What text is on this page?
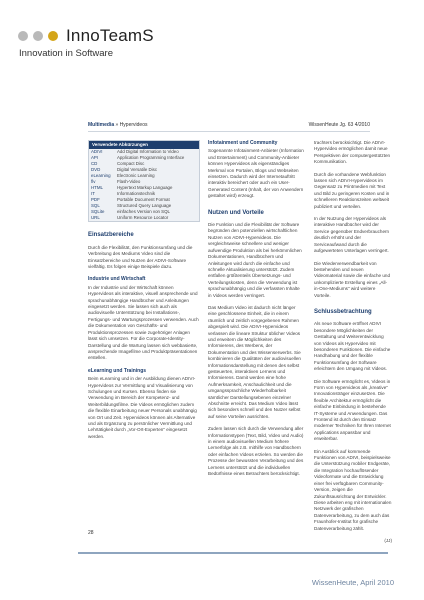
InnoTeamS
Innovation in Software
Multimedia » Hypervideos	WissenHeute Jg. 63 4/2010
Verwendete Abkürzungen
ADIVI	Add Digital Information to Video
API	Application Programming Interface
CD	Compact Disc
DVD	Digital Versatile Disc
eLearning	Electronic Learning
flv	Flash-Video
HTML	Hypertext Markup Language
IT	Informationstechnik
PDF	Portable Document Format
SQL	Structured Query Language
SQLite	einfaches Version von SQL
URL	Uniform Resource Locator
Einsatzbereiche

Durch die Flexibilität, den Funktionsumfang und die Verbreitung des Mediums Video sind die Einsatzbereiche und Nutzen der ADIVI-Software vielfältig. Es folgen einige Beispiele dazu.

Industrie und Wirtschaft

In der Industrie und der Wirtschaft können Hypervideos als interaktive, visuell ansprechende und sprachunabhängige Handbücher und Anleitungen eingesetzt werden. Sie lassen sich auch als audiovisuelle Unterstützung bei Installations-, Fertigungs- und Wartungsprozessen verwenden. Auch die Dokumentation von Geschäfts- und Produktionsprozessen sowie zugehöriger Anlagen lässt sich umsetzen. Für die Corporate-Identity-Darstellung und die Wartung lassen sich webbasierte, ansprechende Imagefilme und Produktpräsentationen erstellen.

eLearning und Trainings

Beim eLearning und in der Ausbildung dienen ADIVI-Hypervideos zur Vermittlung und Visualisierung von Schulungen und Kursen. Ebenso finden sie Verwendung im Bereich der Kompetenz- und Weiterbildungsfilme. Die Videos ermöglichen zudem die flexible Einarbeitung neuer Personals unabhängig von Ort und Zeit. Hypervideos können als Alternative und als Ergänzung zu persönlicher Vermittlung und Lehrtätigkeit durch „Vor-Ort-Experten" eingesetzt werden.

Infotainment und Community

Sogenannte Infotainment-Anbieter (Information und Entertainment) und Community-Anbieter können Hypervideos als eigenständiges Merkmal von Portalen, Blogs und Webseiten einsetzen. Dadurch wird der Internetauftritt interaktiv bereichert oder auch ein User-Generated Content (Inhalt, der von Anwendern gestaltet wird) erzeugt.

Nutzen und Vorteile

Die Funktion und die Flexibilität der Software begründen den potenziellen wirtschaftlichen Nutzen von ADIVI-Hypervideos. Die vergleichsweise schnellere und weniger aufwendige Produktion als bei herkömmlichen Dokumentationen, Handbüchern und Anleitungen wird durch die einfache und schnelle Aktualisierung unterstützt. Zudem entfallen größtenteils Übersetzungs- und Verteilungskosten, denn die Verwendung ist sprachunabhängig und die verfassten Inhalte in Videos werden verringert.

Das Medium Video ist dadurch nicht länger eine geschlossene Einheit, die in einem räumlich und zeitlich vorgegebenen Rahmen abgespielt wird. Die ADIVI-Hypervideos verlassen die lineare Struktur üblicher Videos und erweitern die Möglichkeiten des Informierens, des Werbens, der Dokumentation und des Wissenserwerbs. Sie kombinieren die Qualitäten der audiovisuellen Informationsdarstellung mit denen des selbst gesteuerten, interaktiven Lernens und Informierens. Damit werden eine hohe Aufmerksamkeit, Anschaulichkeit und die umgangssprachliche Wiederholbarkeit sämtlicher Darstellungsebenen einzelner Abschnitte erreicht. Das Medium Video lässt sich besonders schnell und den Nutzer selbst auf seine Vorteilen ausrichten.

Zudem lassen sich durch die Verwendung aller Informationstypen (Text, Bild, Video und Audio) in einem audiovisuellen Medium höhere Lernerfolge als z.B. mithilfe von Handbüchern oder einfachen Videos erzielen. So werden die Prozesse der bewussten Verarbeitung und des Lernens unterstützt und die individuellen Bedürfnisse eines Betrachters berücksichtigt.

trachters berücksichtigt. Die ADIVI-Hypervideo ermöglichen damit neue Perspektiven der computergestützten Kommunikation.

Durch die vorhandene Webfunktion lassen sich ADIVI-Hypervideos im Gegensatz zu Printmedien mit Text und Bild zu geringeren Kosten und in schnelleren Reaktionszeiten weltweit publiziert und verteilen.

In der Nutzung der Hypervideos als interaktive Handbücher wird der Service gegenüber Endverbrauchern deutlich erhöht und der Serviceaufwand durch die aufgewerteten Unterlagen verringert.

Die Wiederverwendbarkeit von bestehenden und neuen Videomaterial sowie die einfache und unkomplizierte Erstellung eines „All-in-One-Mediums" wird weitere Vorteile.

Schlussbetrachtung

Als neue Software eröffnet ADIVI besondere Möglichkeiten der Gestaltung und Weiterentwicklung von Videos als Hypervideo mit besonderen Funktionen. Die einfache Handhabung und der flexible Funktionsumfang der Software erleichtern den Umgang mit Videos.

Die Software ermöglicht es, Videos in Form von Hypervideos als „kreative" Innovationsträger einzusetzen. Die flexible Architektur ermöglicht die einfache Einbindung in bestehende IT-Systeme und Anwendungen. Das Frontend ist durch den Einsatz moderner Techniken für Ihren Internet Applications anpassbar und erweiterbar.

Ein Ausblick auf kommende Funktionen von ADIVI, beispielsweise die Unterstützung mobiler Endgeräte, die Integration hochauflösender Videoformate und die Entwicklung einer frei verfügbaren Community-Version, zeigen die Zukunftsausrichtung der Entwickler. Diese arbeiten eng mit internationalen Netzwerk der grafischen Datenverarbeitung, zu dem auch das Fraunhofer-Institut für grafische Datenverarbeitung zählt.

(JJ)

28
WissenHeute, April 2010
